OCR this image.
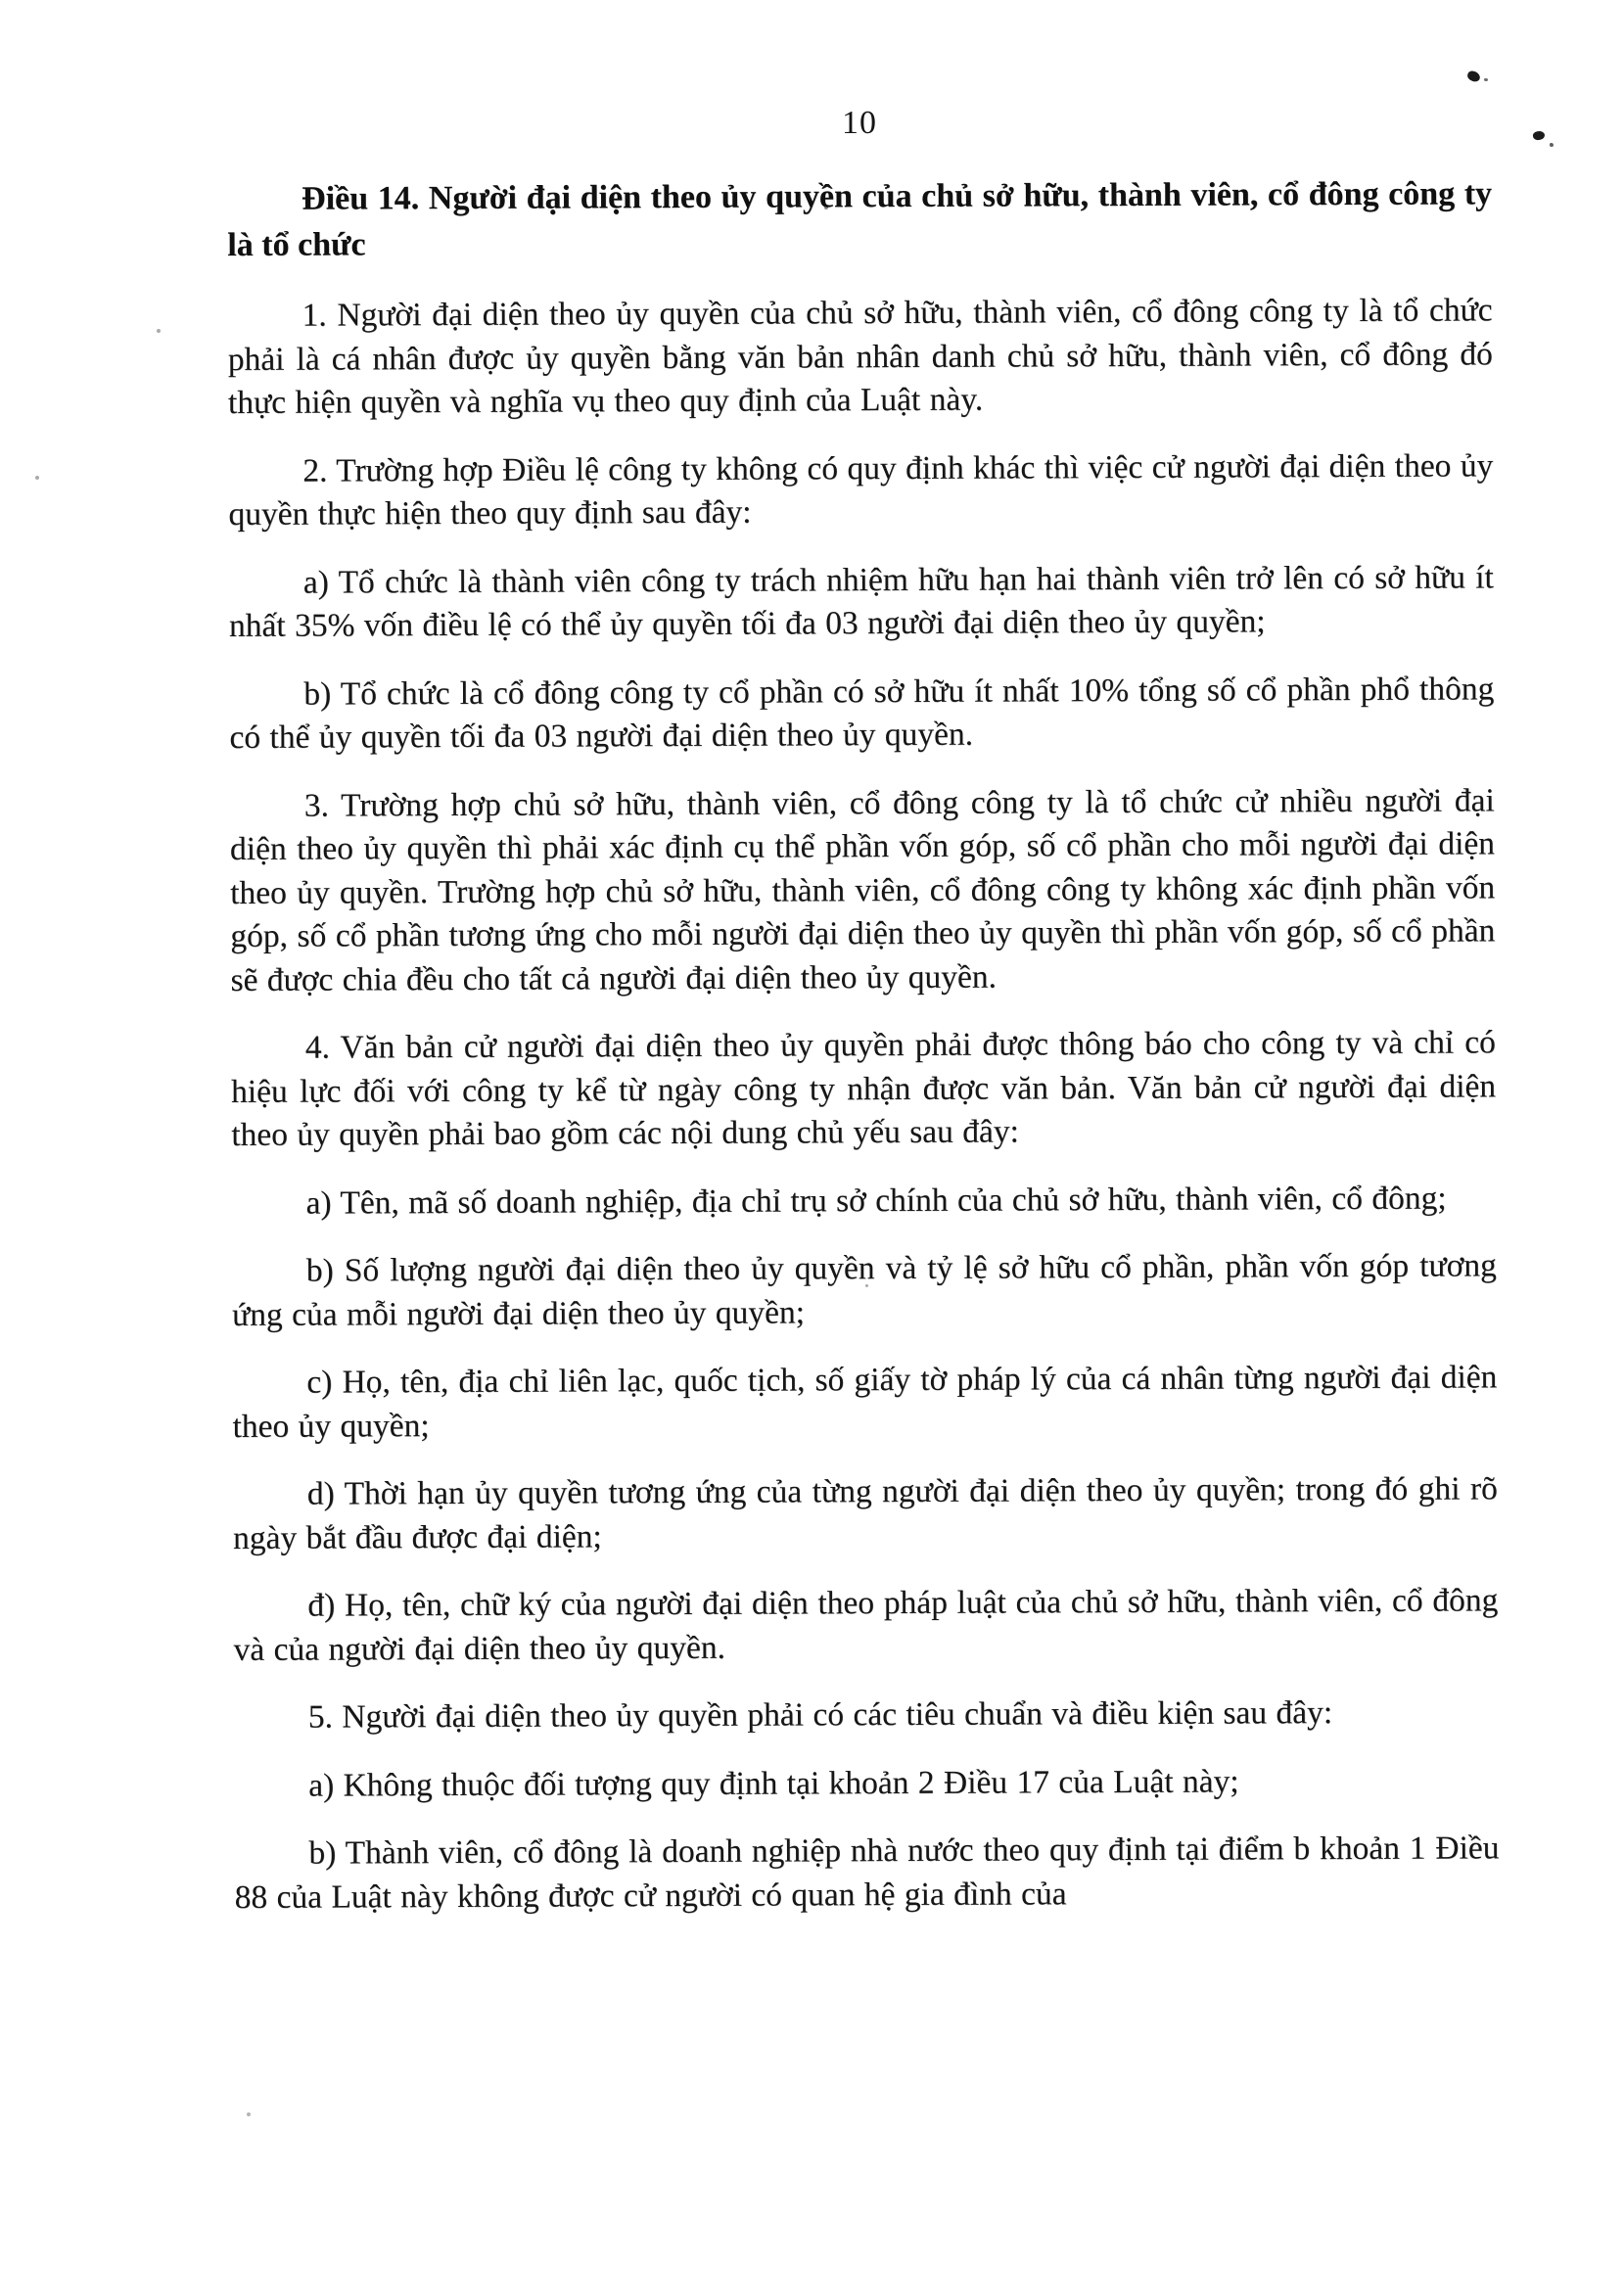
10
Điều 14. Người đại diện theo ủy quyền của chủ sở hữu, thành viên, cổ đông công ty là tổ chức

1. Người đại diện theo ủy quyền của chủ sở hữu, thành viên, cổ đông công ty là tổ chức phải là cá nhân được ủy quyền bằng văn bản nhân danh chủ sở hữu, thành viên, cổ đông đó thực hiện quyền và nghĩa vụ theo quy định của Luật này.

2. Trường hợp Điều lệ công ty không có quy định khác thì việc cử người đại diện theo ủy quyền thực hiện theo quy định sau đây:

a) Tổ chức là thành viên công ty trách nhiệm hữu hạn hai thành viên trở lên có sở hữu ít nhất 35% vốn điều lệ có thể ủy quyền tối đa 03 người đại diện theo ủy quyền;

b) Tổ chức là cổ đông công ty cổ phần có sở hữu ít nhất 10% tổng số cổ phần phổ thông có thể ủy quyền tối đa 03 người đại diện theo ủy quyền.

3. Trường hợp chủ sở hữu, thành viên, cổ đông công ty là tổ chức cử nhiều người đại diện theo ủy quyền thì phải xác định cụ thể phần vốn góp, số cổ phần cho mỗi người đại diện theo ủy quyền. Trường hợp chủ sở hữu, thành viên, cổ đông công ty không xác định phần vốn góp, số cổ phần tương ứng cho mỗi người đại diện theo ủy quyền thì phần vốn góp, số cổ phần sẽ được chia đều cho tất cả người đại diện theo ủy quyền.

4. Văn bản cử người đại diện theo ủy quyền phải được thông báo cho công ty và chỉ có hiệu lực đối với công ty kể từ ngày công ty nhận được văn bản. Văn bản cử người đại diện theo ủy quyền phải bao gồm các nội dung chủ yếu sau đây:

a) Tên, mã số doanh nghiệp, địa chỉ trụ sở chính của chủ sở hữu, thành viên, cổ đông;

b) Số lượng người đại diện theo ủy quyền và tỷ lệ sở hữu cổ phần, phần vốn góp tương ứng của mỗi người đại diện theo ủy quyền;

c) Họ, tên, địa chỉ liên lạc, quốc tịch, số giấy tờ pháp lý của cá nhân từng người đại diện theo ủy quyền;

d) Thời hạn ủy quyền tương ứng của từng người đại diện theo ủy quyền; trong đó ghi rõ ngày bắt đầu được đại diện;

đ) Họ, tên, chữ ký của người đại diện theo pháp luật của chủ sở hữu, thành viên, cổ đông và của người đại diện theo ủy quyền.

5. Người đại diện theo ủy quyền phải có các tiêu chuẩn và điều kiện sau đây:

a) Không thuộc đối tượng quy định tại khoản 2 Điều 17 của Luật này;

b) Thành viên, cổ đông là doanh nghiệp nhà nước theo quy định tại điểm b khoản 1 Điều 88 của Luật này không được cử người có quan hệ gia đình của
